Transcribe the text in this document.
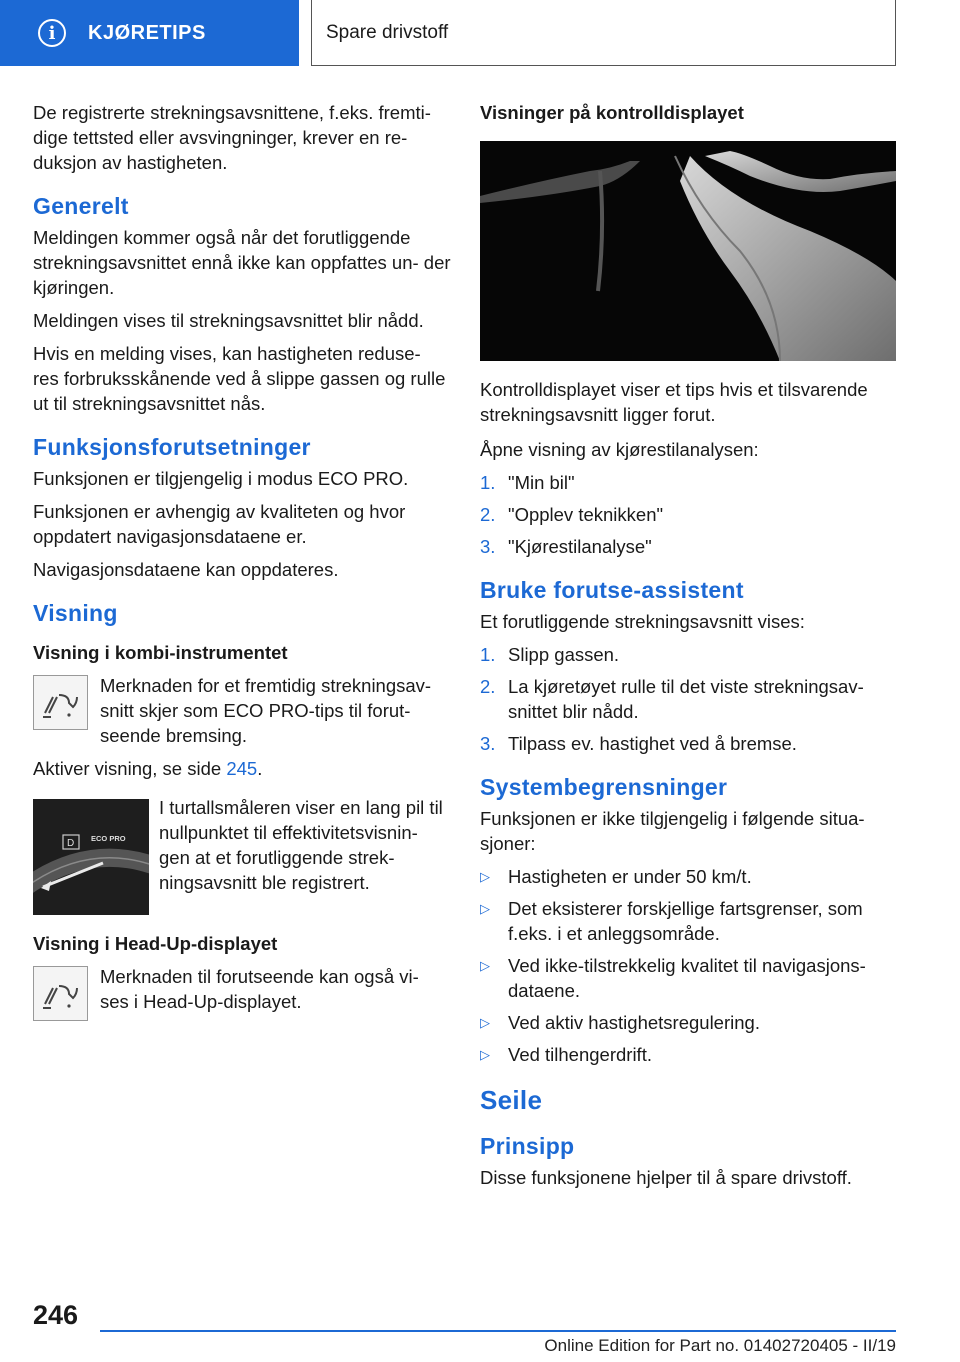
i	KJØRETIPS	Spare drivstoff

De registrerte strekningsavsnittene, f.eks. fremti- dige tettsted eller avsvingninger, krever en re- duksjon av hastigheten.

Generelt

Meldingen kommer også når det forutliggende strekningsavsnittet ennå ikke kan oppfattes un- der kjøringen.

Meldingen vises til strekningsavsnittet blir nådd.

Hvis en melding vises, kan hastigheten reduse- res forbruksskånende ved å slippe gassen og rulle ut til strekningsavsnittet nås.

Funksjonsforutsetninger

Funksjonen er tilgjengelig i modus ECO PRO.

Funksjonen er avhengig av kvaliteten og hvor oppdatert navigasjonsdataene er.

Navigasjonsdataene kan oppdateres.

Visning
Visning i kombi-instrumentet
Merknaden for et fremtidig strekningsav- snitt skjer som ECO PRO-tips til forut- seende bremsing.

Aktiver visning, se side 245.

D ECO PRO
I turtallsmåleren viser en lang pil til nullpunktet til effektivitetsvisnin- gen at et forutliggende strek- ningsavsnitt ble registrert.
Visning i Head-Up-displayet
Merknaden til forutseende kan også vi- ses i Head-Up-displayet.
Visninger på kontrolldisplayet

Kontrolldisplayet viser et tips hvis et tilsvarende strekningsavsnitt ligger forut.

Åpne visning av kjørestilanalysen:

1. "Min bil"
2. "Opplev teknikken"
3. "Kjørestilanalyse"
Bruke forutse-assistent

Et forutliggende strekningsavsnitt vises:

1. Slipp gassen.
2. La kjøretøyet rulle til det viste strekningsav- snittet blir nådd.
3. Tilpass ev. hastighet ved å bremse.
Systembegrensninger

Funksjonen er ikke tilgjengelig i følgende situa- sjoner:

▷ Hastigheten er under 50 km/t.
▷ Det eksisterer forskjellige fartsgrenser, som f.eks. i et anleggsområde.
▷ Ved ikke-tilstrekkelig kvalitet til navigasjons- dataene.
▷ Ved aktiv hastighetsregulering.
▷ Ved tilhengerdrift.
Seile
Prinsipp

Disse funksjonene hjelper til å spare drivstoff.

246
Online Edition for Part no. 01402720405 - II/19
